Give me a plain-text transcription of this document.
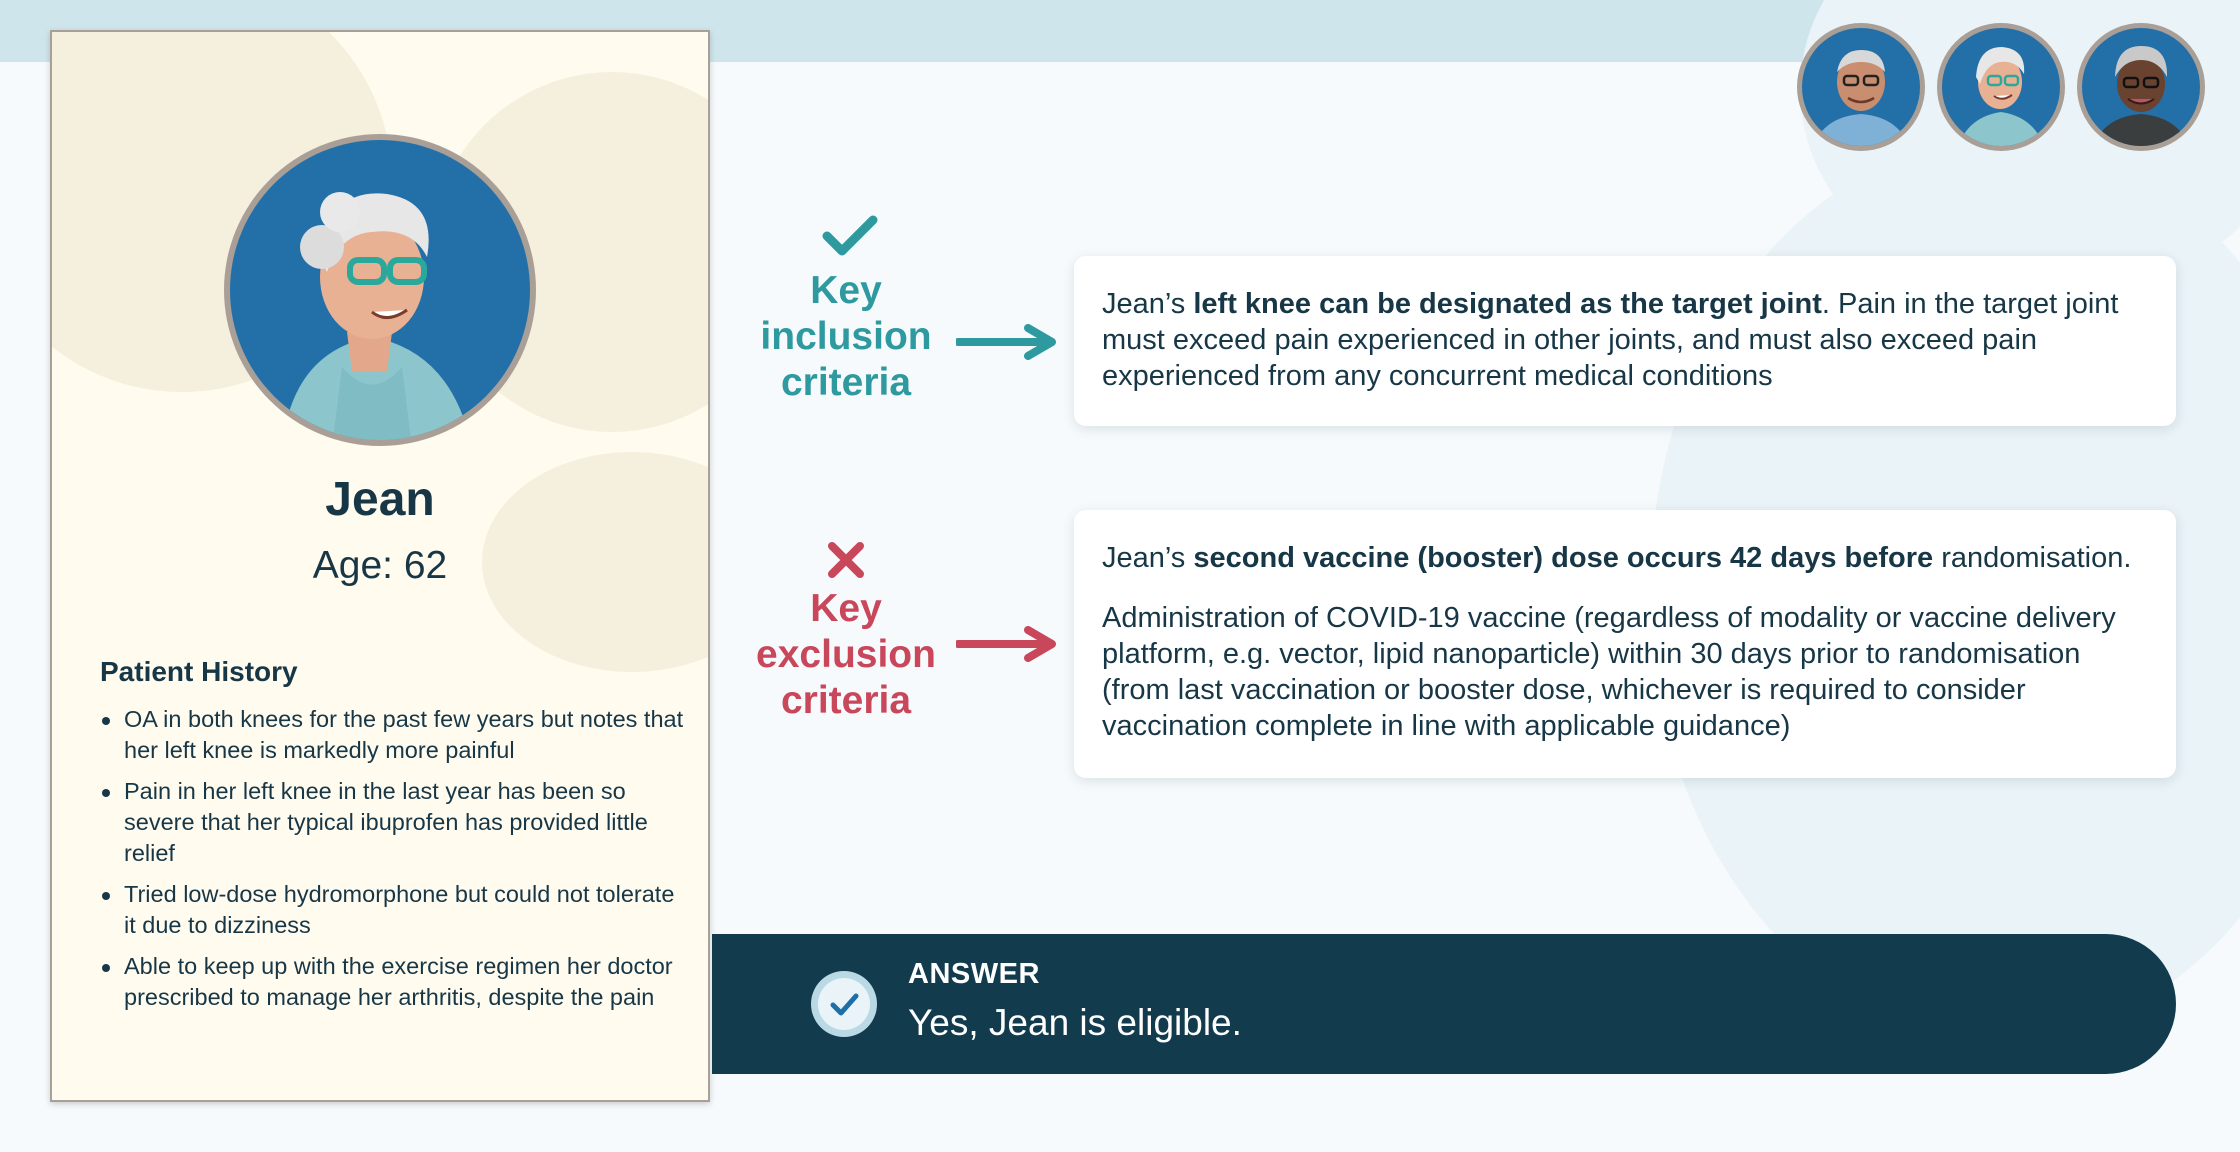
Jean
Age: 62
Patient History
OA in both knees for the past few years but notes that her left knee is markedly more painful
Pain in her left knee in the last year has been so severe that her typical ibuprofen has provided little relief
Tried low-dose hydromorphone but could not tolerate it due to dizziness
Able to keep up with the exercise regimen her doctor prescribed to manage her arthritis, despite the pain
Key
inclusion
criteria

Jean’s left knee can be designated as the target joint. Pain in the target joint must exceed pain experienced in other joints, and must also exceed pain experienced from any concurrent medical conditions

Key
exclusion
criteria

Jean’s second vaccine (booster) dose occurs 42 days before randomisation.

Administration of COVID-19 vaccine (regardless of modality or vaccine delivery platform, e.g. vector, lipid nanoparticle) within 30 days prior to randomisation (from last vaccination or booster dose, whichever is required to consider vaccination complete in line with applicable guidance)

ANSWER
Yes, Jean is eligible.
